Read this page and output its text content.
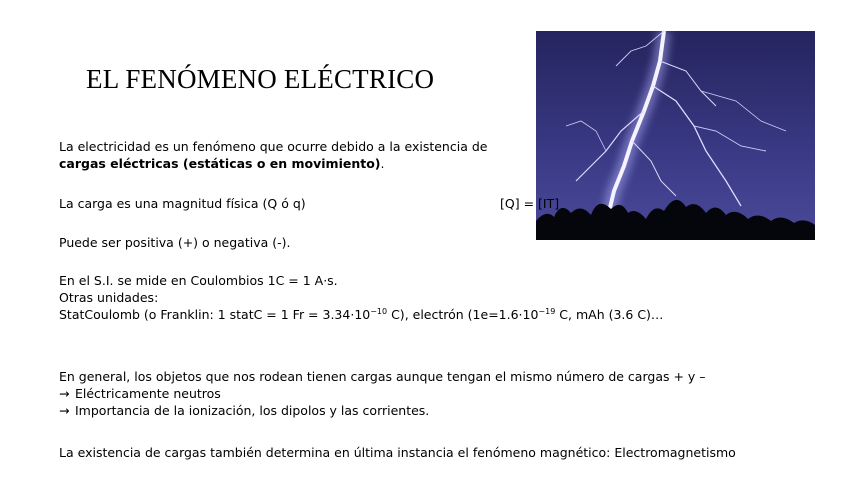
EL FENÓMENO ELÉCTRICO
La electricidad es un fenómeno que ocurre debido a la existencia de
cargas eléctricas (estáticas o en movimiento).
La carga es una magnitud física (Q ó q)	[Q] = [IT]
Puede ser positiva (+) o negativa (-).
En el S.I. se mide en Coulombios 1C = 1 A·s.
Otras unidades:
StatCoulomb (o Franklin: 1 statC = 1 $Fr = 3.34\cdot 10^{-10}$ C), electrón ($1e=1.6\cdot 10^{-19}$ C, mAh (3.6 C)…
En general, los objetos que nos rodean tienen cargas aunque tengan el mismo número de cargas + y –
→ Eléctricamente neutros
→ Importancia de la ionización, los dipolos y las corrientes.
La existencia de cargas también determina en última instancia el fenómeno magnético: Electromagnetismo
